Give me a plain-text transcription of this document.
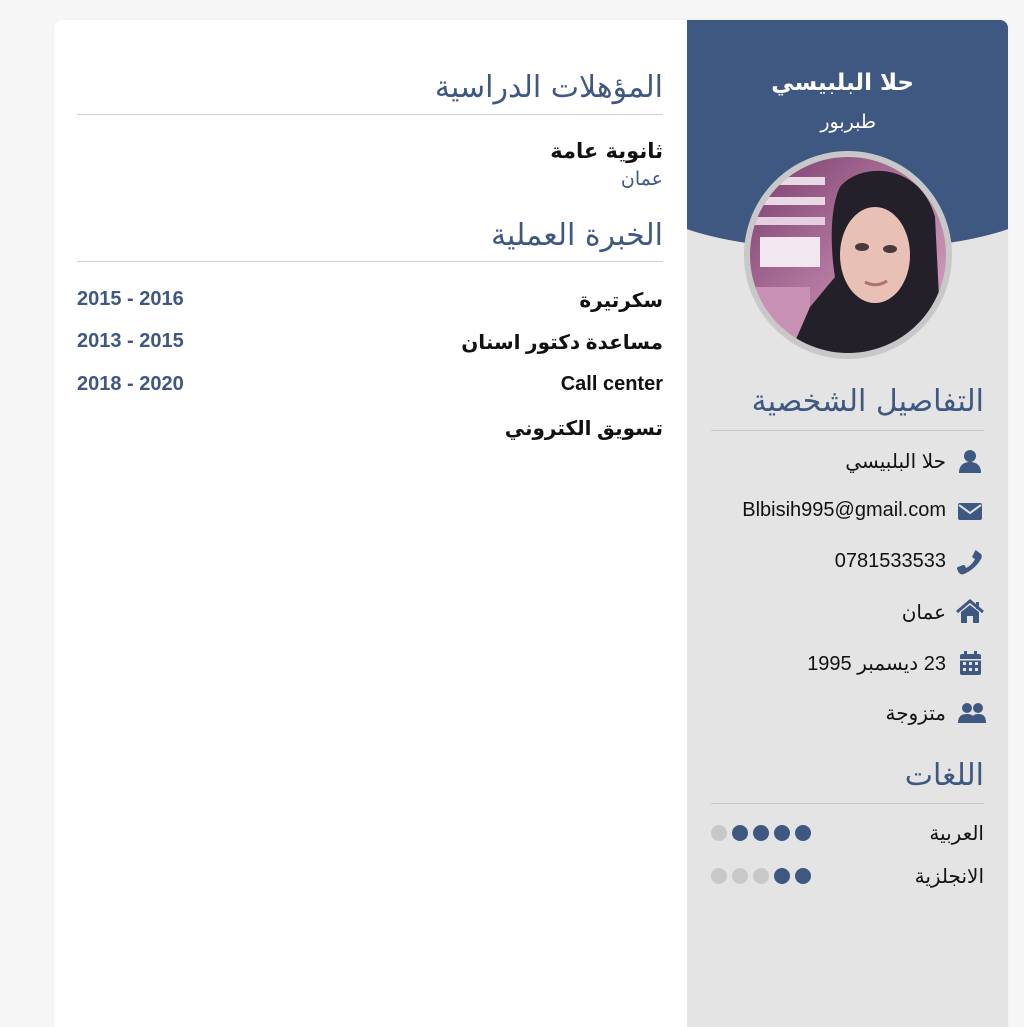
المؤهلات الدراسية
ثانوية عامة
عمان
الخبرة العملية
سكرتيرة
2015 - 2016
مساعدة دكتور اسنان
2013 - 2015
Call center
2018 - 2020
تسويق الكتروني
حلا البلبيسي
طبربور
التفاصيل الشخصية
حلا البلبيسي
Blbisih995@gmail.com
0781533533
عمان
23 ديسمبر 1995
متزوجة
اللغات
العربية
الانجلزية
